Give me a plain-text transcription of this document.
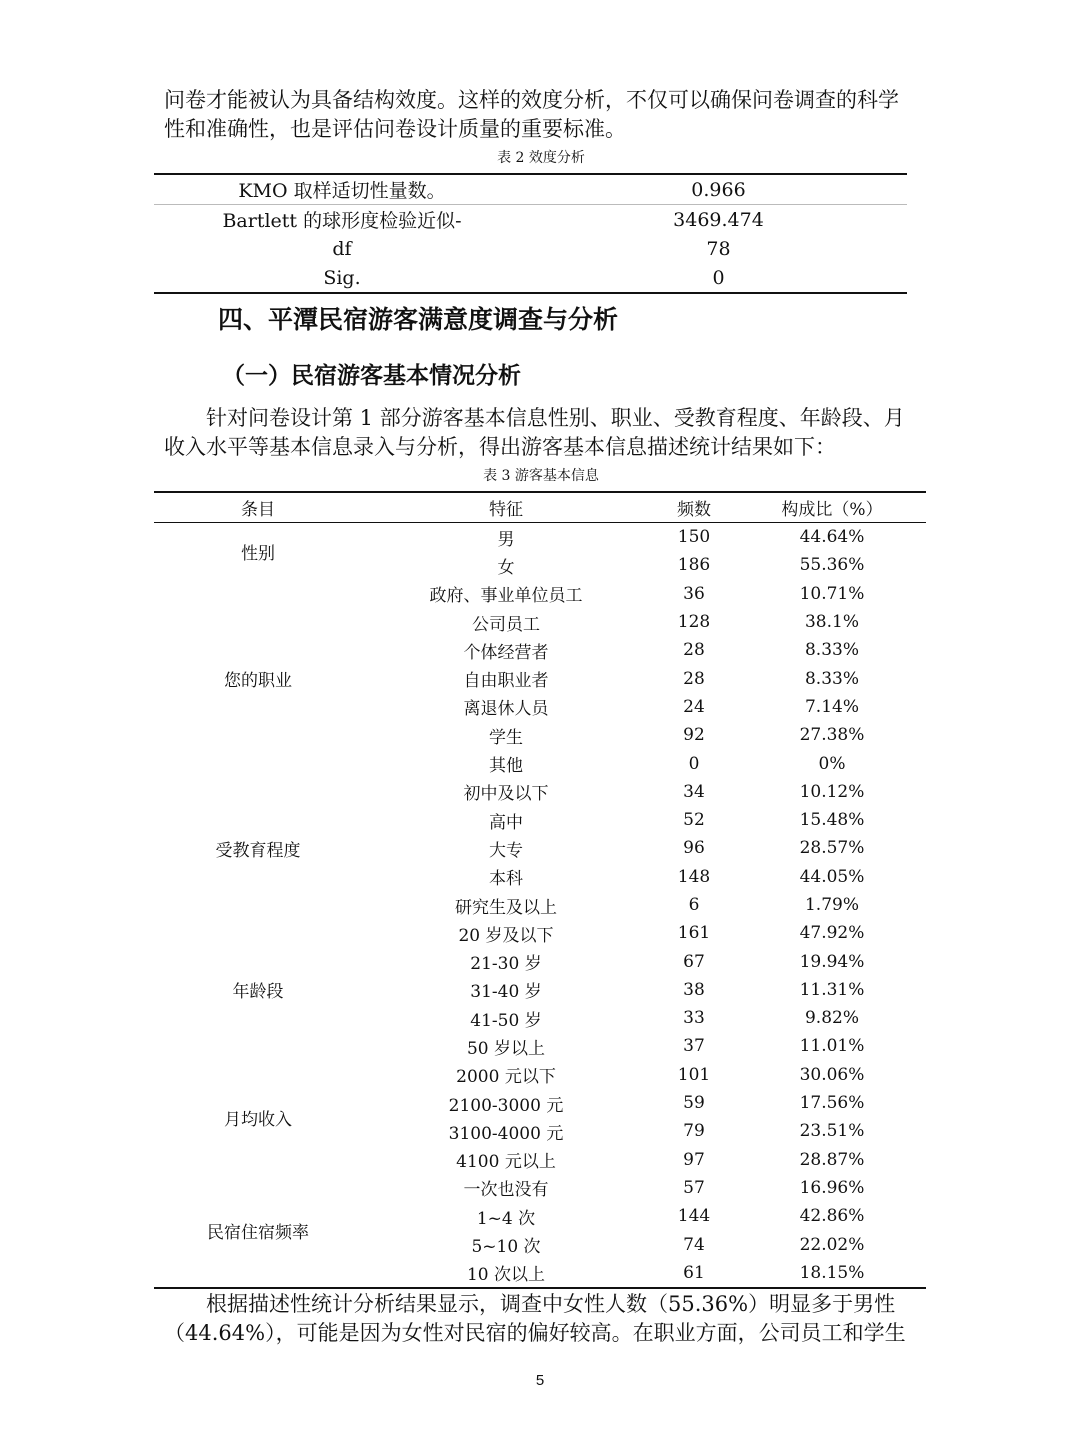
问卷才能被认为具备结构效度。这样的效度分析，不仅可以确保问卷调查的科学
性和准确性，也是评估问卷设计质量的重要标准。

表 2 效度分析

KMO 取样适切性量数。	0.966
Bartlett 的球形度检验近似-	3469.474
df	78
Sig.	0
四、平潭民宿游客满意度调查与分析
（一）民宿游客基本情况分析

针对问卷设计第 1 部分游客基本信息性别、职业、受教育程度、年龄段、月
收入水平等基本信息录入与分析，得出游客基本信息描述统计结果如下：

表 3 游客基本信息

条目	特征	频数	构成比（%）
性别
男	150	44.64%
女	186	55.36%
您的职业
政府、事业单位员工	36	10.71%
公司员工	128	38.1%
个体经营者	28	8.33%
自由职业者	28	8.33%
离退休人员	24	7.14%
学生	92	27.38%
其他	0	0%
受教育程度
初中及以下	34	10.12%
高中	52	15.48%
大专	96	28.57%
本科	148	44.05%
研究生及以上	6	1.79%
年龄段
20 岁及以下	161	47.92%
21-30 岁	67	19.94%
31-40 岁	38	11.31%
41-50 岁	33	9.82%
50 岁以上	37	11.01%
月均收入
2000 元以下	101	30.06%
2100-3000 元	59	17.56%
3100-4000 元	79	23.51%
4100 元以上	97	28.87%
民宿住宿频率
一次也没有	57	16.96%
1~4 次	144	42.86%
5~10 次	74	22.02%
10 次以上	61	18.15%

根据描述性统计分析结果显示，调查中女性人数（55.36%）明显多于男性
（44.64%），可能是因为女性对民宿的偏好较高。在职业方面，公司员工和学生

5
